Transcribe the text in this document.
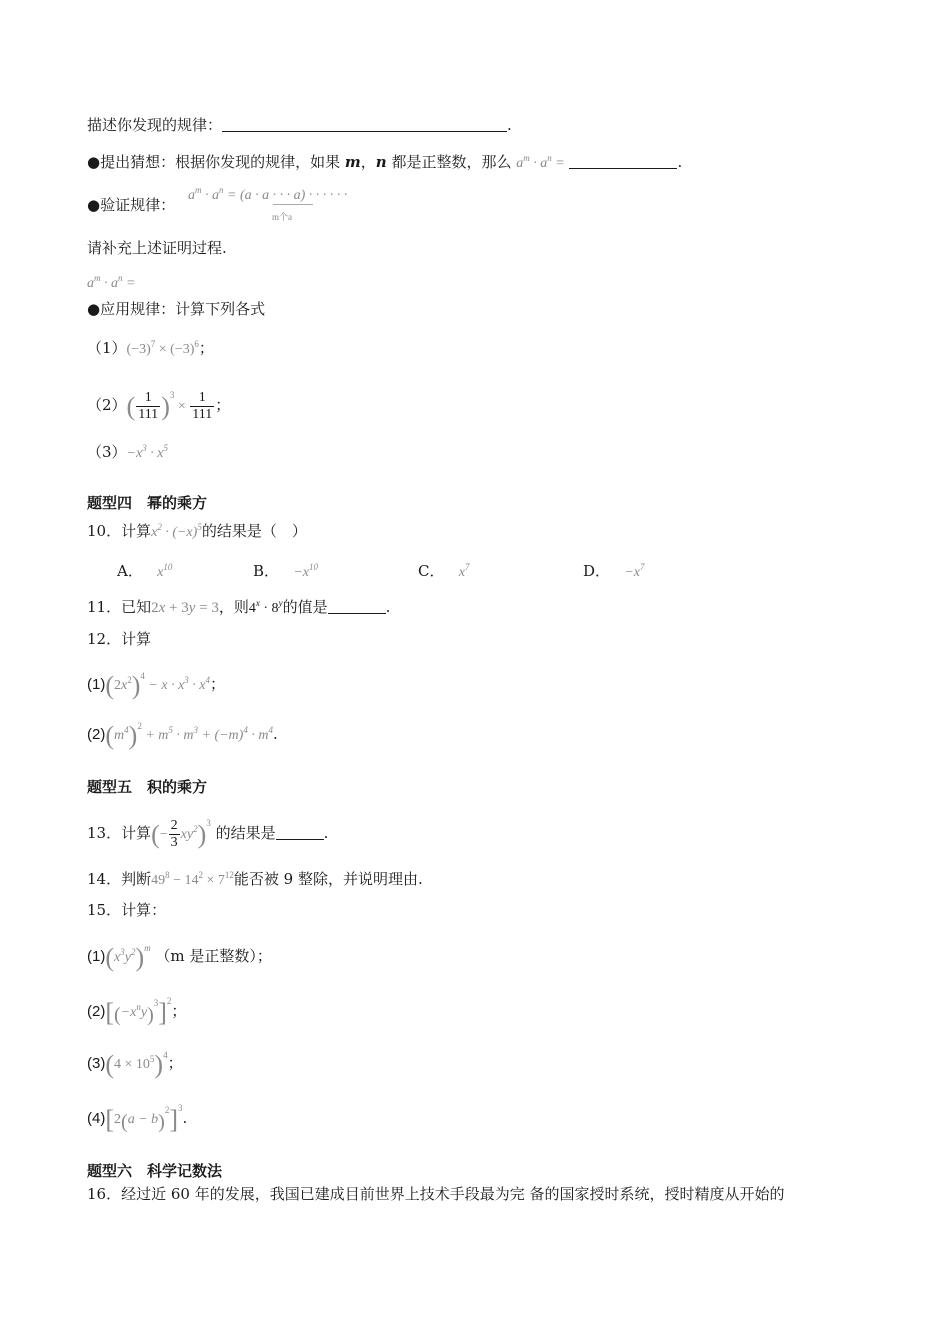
描述你发现的规律：	.
●提出猜想：根据你发现的规律，如果 m，n 都是正整数，那么 $a^m \cdot a^n$ =	.
●验证规律：
$a^m \cdot a^n = (a \cdot a$ · · · a) · · · · · ·
m个a
请补充上述证明过程.
$a^m \cdot a^n$ =
●应用规律：计算下列各式
$(1)(-3)^7 \times (-3)^6$；
$(2)( \frac{1}{111} )^3 \times \frac{1}{111}$ ；
$(3)-x^3 \cdot x^5$
题型四　幂的乘方
10．计算$x^2 \cdot (-x)^5$的结果是（　）
A． $x^{10}$	B． $-x^{10}$	C． $x^7$	D． $-x^7$
11．已知2x + 3y = 3，则$4^x \cdot 8^y$的值是	.
12．计算
$(1)(2x^2)^4 - x \cdot x^3 \cdot x^4$；
$(2)(m^4)^2 + m^5 \cdot m^3 + (-m)^4 \cdot m^4$.
题型五　积的乘方
13．计算(− $\frac{2}{3} xy^2)^3$ 的结果是	.
14．判断$49^8 - 14^2 \times 7^{12}$能否被 9 整除，并说明理由.
15．计算：
$(1)(x^3y^2)^m$ （m 是正整数）；
$(2)[(-x^ny)^3]^2$；
$(3)(4 \times 10^5)^4$；
$(4)[2(a - b)^2]^3$.
题型六　科学记数法
16．经过近 60 年的发展，我国已建成目前世界上技术手段最为完 备的国家授时系统，授时精度从开始的
